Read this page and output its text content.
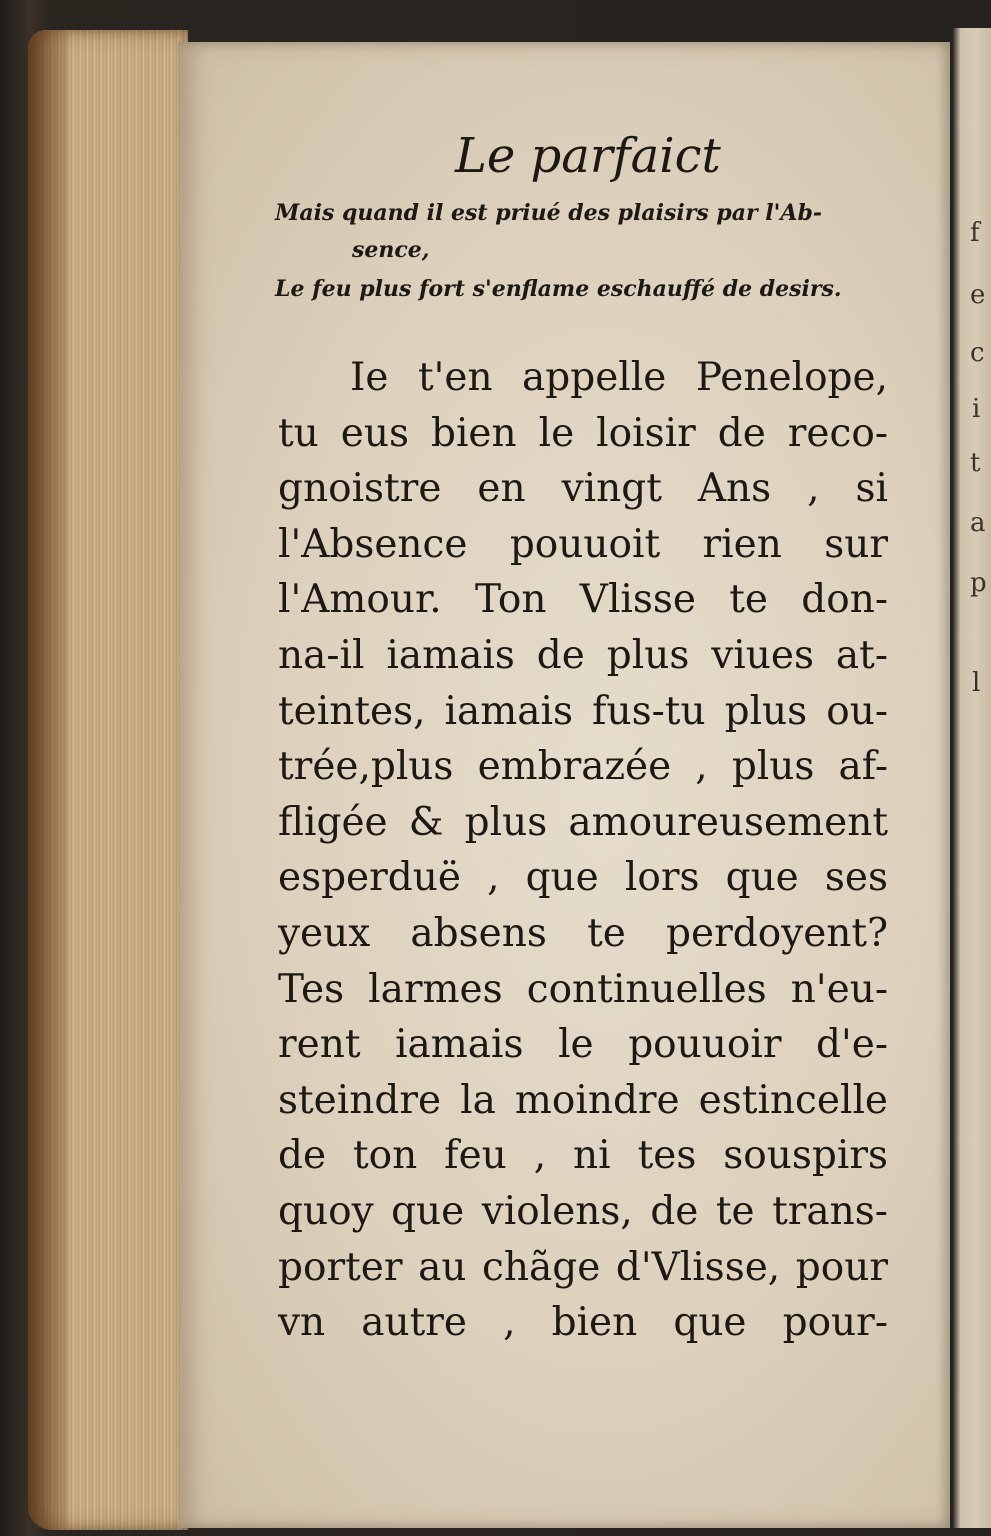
f
e
c
i
t
a
p
l
Le parfaict
Mais quand il est priué des plaisirs par l'Ab-
sence,
Le feu plus fort s'enflame eschauffé de desirs.
Ie t'en appelle Penelope,
tu eus bien le loisir de reco-
gnoistre en vingt Ans , si
l'Absence pouuoit rien sur
l'Amour. Ton Vlisse te don-
na-il iamais de plus viues at-
teintes, iamais fus-tu plus ou-
trée,plus embrazée , plus af-
fligée & plus amoureusement
esperduë , que lors que ses
yeux absens te perdoyent?
Tes larmes continuelles n'eu-
rent iamais le pouuoir d'e-
steindre la moindre estincelle
de ton feu , ni tes souspirs
quoy que violens, de te trans-
porter au chãge d'Vlisse, pour
vn autre , bien que pour-
